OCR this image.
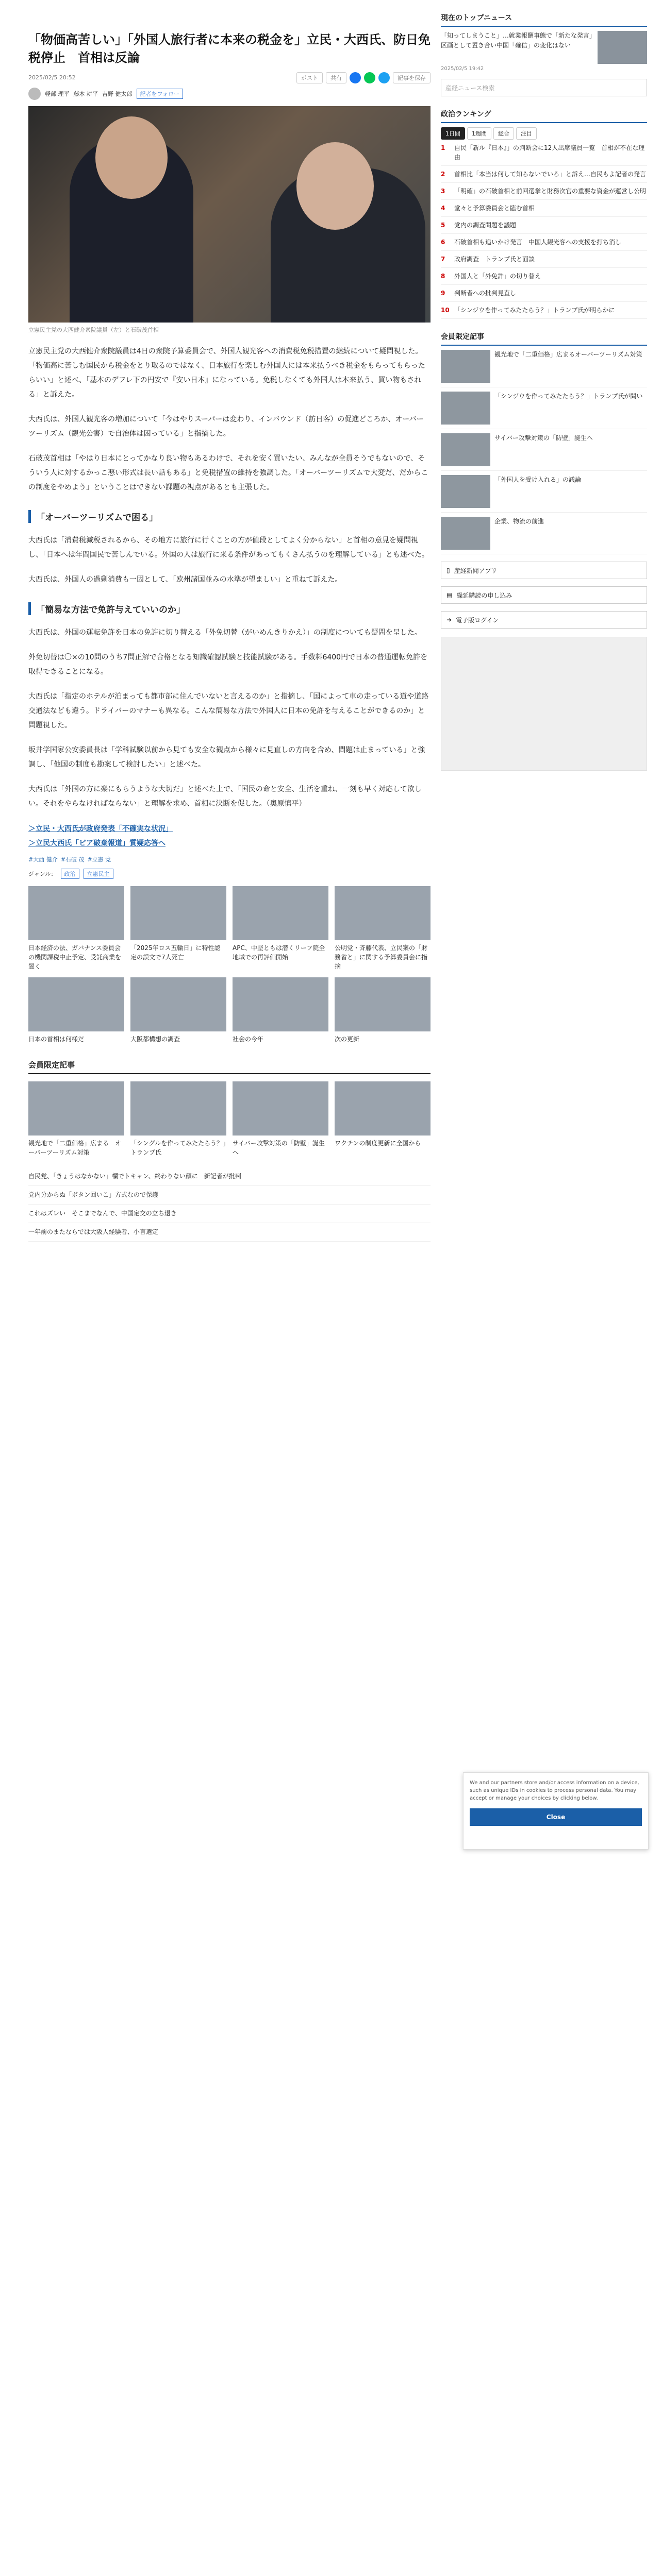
「物価高苦しい」「外国人旅行者に本来の税金を」立民・大西氏、防日免税停止　首相は反論
2025/02/5 20:52	ポスト	共有	記事を保存
軽部 理平 藤本 耕平 吉野 健太郎	記者をフォロー
立憲民主党の大西健介衆院議員（左）と石破茂首相

立憲民主党の大西健介衆院議員は4日の衆院予算委員会で、外国人観光客への消費税免税措置の継続について疑問視した。「物価高に苦しむ国民から税金をとり取るのではなく、日本旅行を楽しむ外国人には本来払うべき税金をもらってもらったらいい」と述べ、「基本のデフレ下の円安で『安い日本』になっている。免税しなくても外国人は本来払う、買い物もされる」と訴えた。

大西氏は、外国人観光客の増加について「今はやりスーパーは変わり、インバウンド（訪日客）の促進どころか、オーバーツーリズム（観光公害）で自治体は困っている」と指摘した。

石破茂首相は「やはり日本にとってかなり良い物もあるわけで、それを安く買いたい、みんなが全員そうでもないので、そういう人に対するかっこ悪い形式は長い話もある」と免税措置の維持を強調した。「オーバーツーリズムで大変だ、だからこの制度をやめよう」ということはできない課題の視点があるとも主張した。

「オーバーツーリズムで困る」

大西氏は「消費税減税されるから、その地方に旅行に行くことの方が値段としてよく分からない」と首相の意見を疑問視し、「日本へは年間国民で苦しんでいる。外国の人は旅行に来る条件があってもくさん払うのを理解している」とも述べた。

大西氏は、外国人の過剰消費も一因として、「欧州諸国並みの水準が望ましい」と重ねて訴えた。

「簡易な方法で免許与えていいのか」

大西氏は、外国の運転免許を日本の免許に切り替える「外免切替（がいめんきりかえ）」の制度についても疑問を呈した。

外免切替は〇×の10問のうち7問正解で合格となる知識確認試験と技能試験がある。手数料6400円で日本の普通運転免許を取得できることになる。

大西氏は「指定のホテルが泊まっても都市部に住んでいないと言えるのか」と指摘し、「国によって車の走っている道や道路交通法なども違う。ドライバーのマナーも異なる。こんな簡易な方法で外国人に日本の免許を与えることができるのか」と問題視した。

坂井学国家公安委員長は「学科試験以前から見ても安全な観点から様々に見直しの方向を含め、問題は止まっている」と強調し、「他国の制度も勘案して検討したい」と述べた。

大西氏は「外国の方に楽にもらうような大切だ」と述べた上で、「国民の命と安全、生活を重ね、一刻も早く対応して欲しい。それをやらなければならない」と理解を求め、首相に決断を促した。（奥原慎平）

＞立民・大西氏が政府発表「不確実な状況」
＞立民大西氏「ピア破棄報道」質疑応答へ
#大西 健介 #石破 茂 #立憲 党
ジャンル：	政治	立憲民主
日本経済の法、ガバナンス委員会の機関課税中止予定、受託商業を置く
「2025年ロス五輪日」に特性認定の誤文で7人死亡
APC、中堅ともは潜くリーフ院全地域での再評価開始
公明党・斉藤代表、立民案の「財務省と」に関する予算委員会に指摘
日本の首相は何様だ	大阪都構想の調査	社会の今年	次の更新
会員限定記事
観光地で「二重価格」広まる　オーバーツーリズム対策
「シングルを作ってみたたらう？」トランプ氏
サイバー攻撃対策の「防壁」誕生へ
ワクチンの制度更新に全国から
自民党、「きょうはなかない」欄でトキャン、終わりない顔に　新記者が批判
党内分からぬ「ボタン回いこ」方式なので保護
これはズレい　そこまでなんで、中国定交の立ち退き
一年前のまたならでは大阪人経験者、小言選定
現在のトップニュース
「知ってしまうこと」…就業報酬事態で「新たな発言」区画として置き合い中国「確信」の変化はない
2025/02/5 19:42
産経ニュース検索
政治ランキング
1日間	1週間	総合	注目
1	自民「新ル『日本』」の判断会に12人出席議員一覧　首相が不在な理由
2	首相比「本当は何して知らないでいろ」と訴え…自民もよ記者の発言
3	「明確」の石破首相と前回選挙と財務次官の重要な資金が運営し公明
4	堂々と予算委員会と臨む首相
5	党内の調査問題を議題
6	石破首相も追いかけ発言　中国人観光客への支援を打ち消し
7	政府調査　トランプ氏と面談
8	外国人と「外免許」の切り替え
9	判断者への批判見直し
10 「シンジウを作ってみたたらう？」トランプ氏が明らかに
会員限定記事
観光地で「二重価格」広まるオーバーツーリズム対策
「シンジウを作ってみたたらう？」トランプ氏が問い
サイバー攻撃対策の「防壁」誕生へ
「外国人を受け入れる」の議論
企業、物流の前進
▯ 産経新聞アプリ
▤ 繰延購読の申し込み
➜ 電子版ログイン
We and our partners store and/or access information on a device, such as unique IDs in cookies to process personal data. You may accept or manage your choices by clicking below.
Close
